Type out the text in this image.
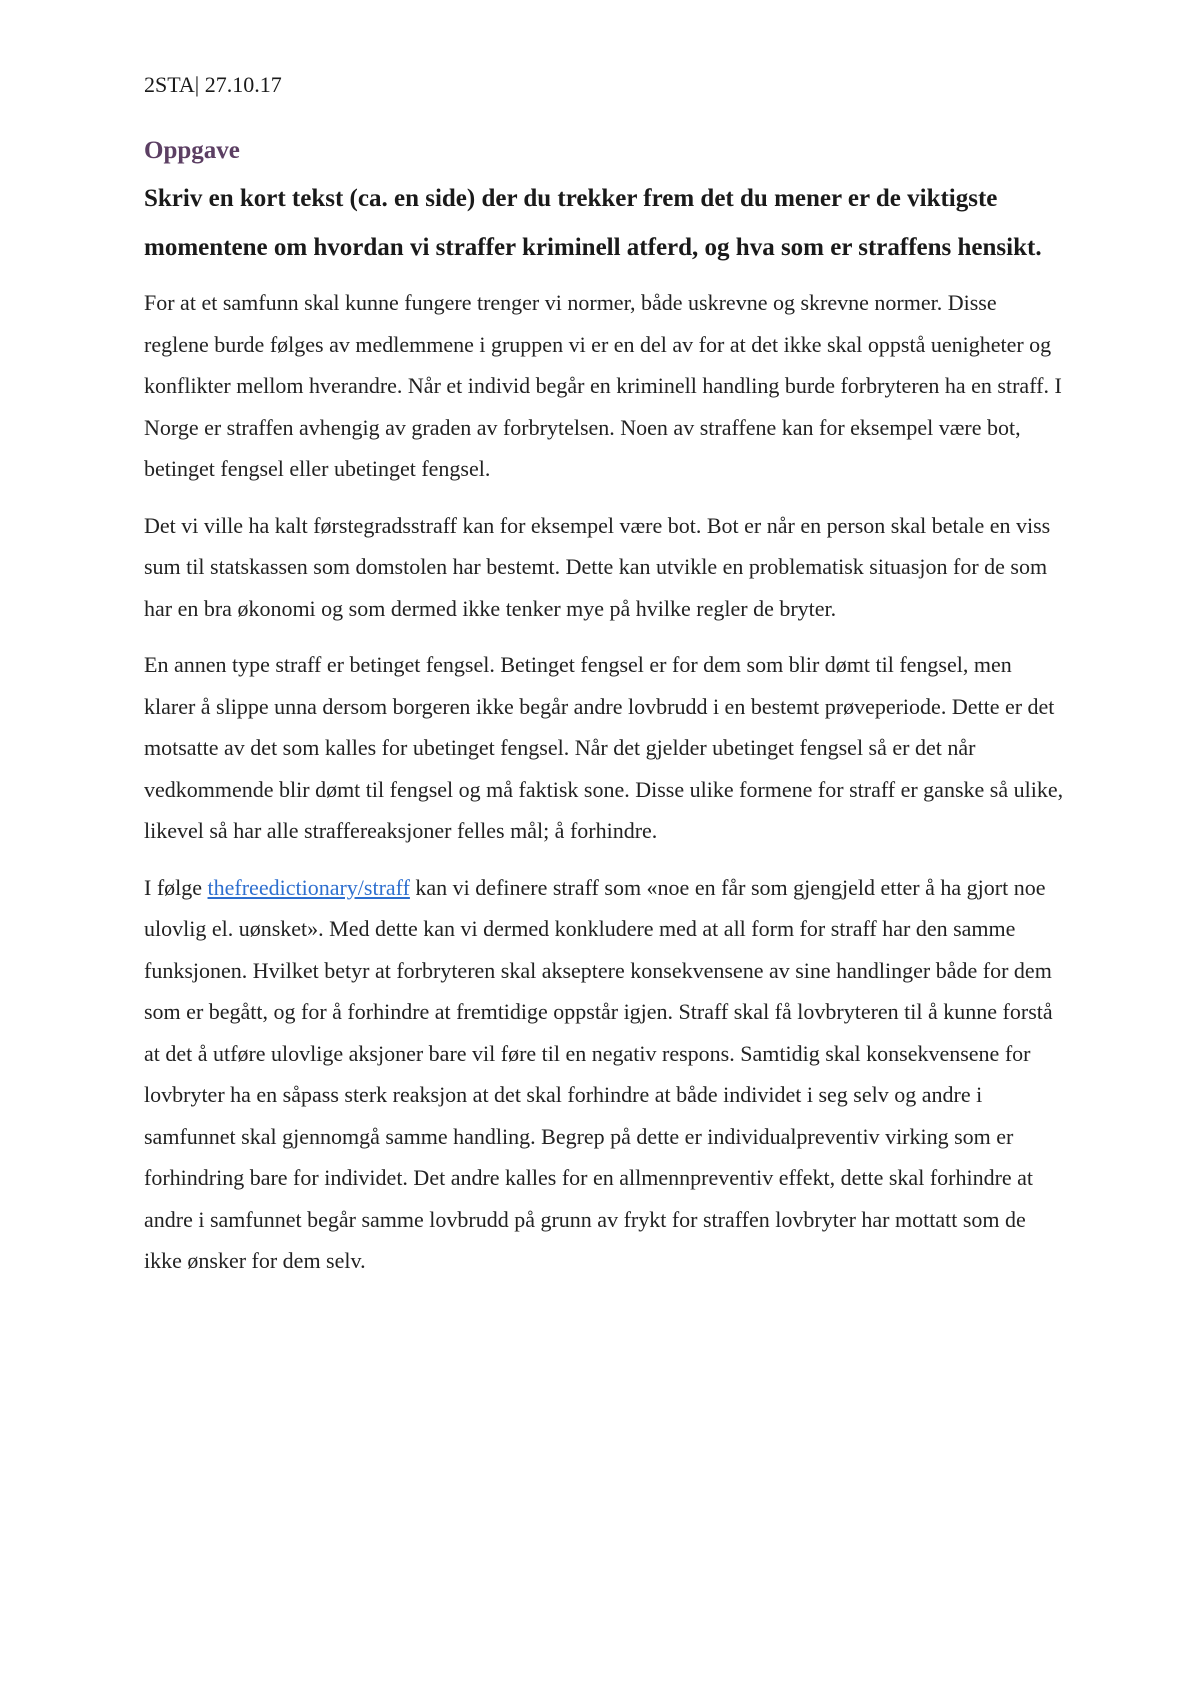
2STA| 27.10.17
Oppgave
Skriv en kort tekst (ca. en side) der du trekker frem det du mener er de viktigste momentene om hvordan vi straffer kriminell atferd, og hva som er straffens hensikt.

For at et samfunn skal kunne fungere trenger vi normer, både uskrevne og skrevne normer. Disse reglene burde følges av medlemmene i gruppen vi er en del av for at det ikke skal oppstå uenigheter og konflikter mellom hverandre. Når et individ begår en kriminell handling burde forbryteren ha en straff. I Norge er straffen avhengig av graden av forbrytelsen. Noen av straffene kan for eksempel være bot, betinget fengsel eller ubetinget fengsel.

Det vi ville ha kalt førstegradsstraff kan for eksempel være bot. Bot er når en person skal betale en viss sum til statskassen som domstolen har bestemt. Dette kan utvikle en problematisk situasjon for de som har en bra økonomi og som dermed ikke tenker mye på hvilke regler de bryter.

En annen type straff er betinget fengsel. Betinget fengsel er for dem som blir dømt til fengsel, men klarer å slippe unna dersom borgeren ikke begår andre lovbrudd i en bestemt prøveperiode. Dette er det motsatte av det som kalles for ubetinget fengsel. Når det gjelder ubetinget fengsel så er det når vedkommende blir dømt til fengsel og må faktisk sone. Disse ulike formene for straff er ganske så ulike, likevel så har alle straffereaksjoner felles mål; å forhindre.

I følge thefreedictionary/straff kan vi definere straff som «noe en får som gjengjeld etter å ha gjort noe ulovlig el. uønsket». Med dette kan vi dermed konkludere med at all form for straff har den samme funksjonen. Hvilket betyr at forbryteren skal akseptere konsekvensene av sine handlinger både for dem som er begått, og for å forhindre at fremtidige oppstår igjen. Straff skal få lovbryteren til å kunne forstå at det å utføre ulovlige aksjoner bare vil føre til en negativ respons. Samtidig skal konsekvensene for lovbryter ha en såpass sterk reaksjon at det skal forhindre at både individet i seg selv og andre i samfunnet skal gjennomgå samme handling. Begrep på dette er individualpreventiv virking som er forhindring bare for individet. Det andre kalles for en allmennpreventiv effekt, dette skal forhindre at andre i samfunnet begår samme lovbrudd på grunn av frykt for straffen lovbryter har mottatt som de ikke ønsker for dem selv.
